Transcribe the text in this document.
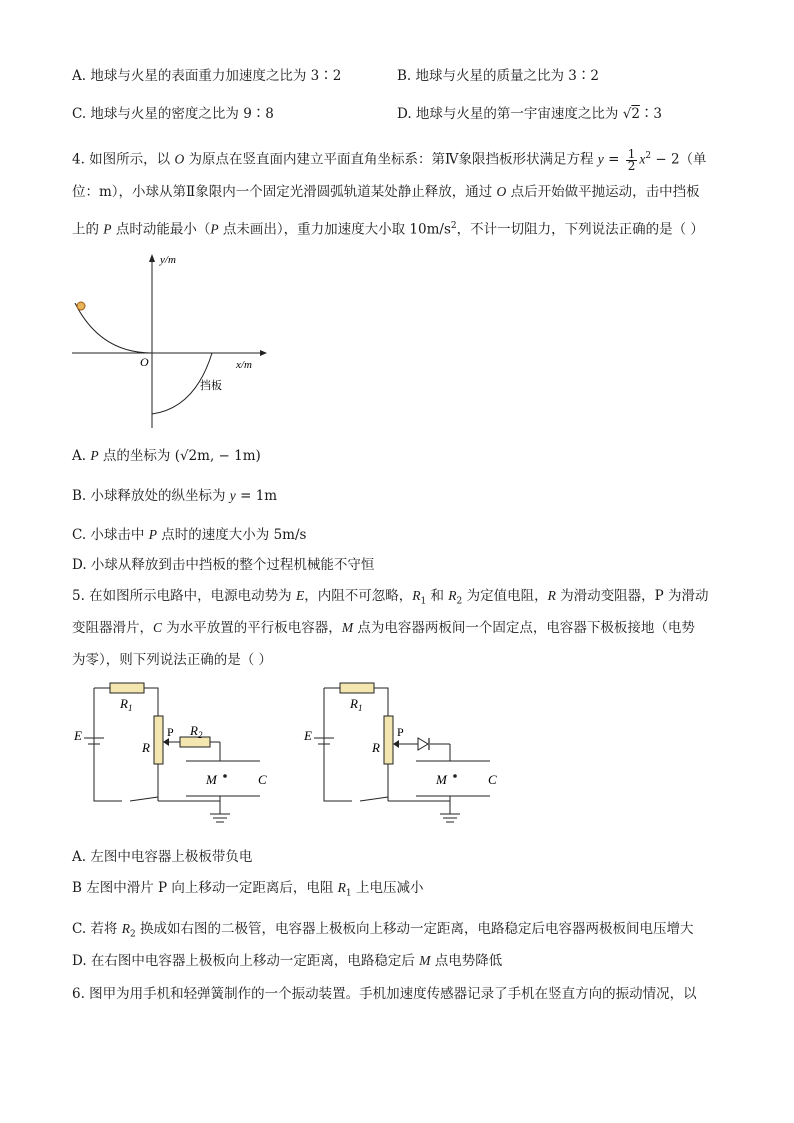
A. 地球与火星的表面重力加速度之比为 3∶2	B. 地球与火星的质量之比为 3∶2
C. 地球与火星的密度之比为 9∶8	D. 地球与火星的第一宇宙速度之比为 √2∶3
4. 如图所示，以 O 为原点在竖直面内建立平面直角坐标系：第Ⅳ象限挡板形状满足方程 $y = \frac{1}{2} x^2 - 2$（单
位：m），小球从第Ⅱ象限内一个固定光滑圆弧轨道某处静止释放，通过 O 点后开始做平抛运动，击中挡板
上的 P 点时动能最小（P 点未画出），重力加速度大小取 $10m/s^2$，不计一切阻力，下列说法正确的是（ ）
y/m
x/m
O
挡板
A. P 点的坐标为 (√2m, − 1m)
B. 小球释放处的纵坐标为 y = 1m
C. 小球击中 P 点时的速度大小为 5m/s
D. 小球从释放到击中挡板的整个过程机械能不守恒
5. 在如图所示电路中，电源电动势为 E，内阻不可忽略，$R_1$ 和 $R_2$ 为定值电阻，R 为滑动变阻器，P 为滑动
变阻器滑片，C 为水平放置的平行板电容器，M 点为电容器两板间一个固定点，电容器下极板接地（电势
为零），则下列说法正确的是（ ）
E
$R_1$
R
P $R_2$
M	C
E
$R_1$
R
P
M	C
A. 左图中电容器上极板带负电
B 左图中滑片 P 向上移动一定距离后，电阻 $R_1$ 上电压减小
C. 若将 $R_2$ 换成如右图的二极管，电容器上极板向上移动一定距离，电路稳定后电容器两极板间电压增大
D. 在右图中电容器上极板向上移动一定距离，电路稳定后 M 点电势降低
6. 图甲为用手机和轻弹簧制作的一个振动装置。手机加速度传感器记录了手机在竖直方向的振动情况，以
